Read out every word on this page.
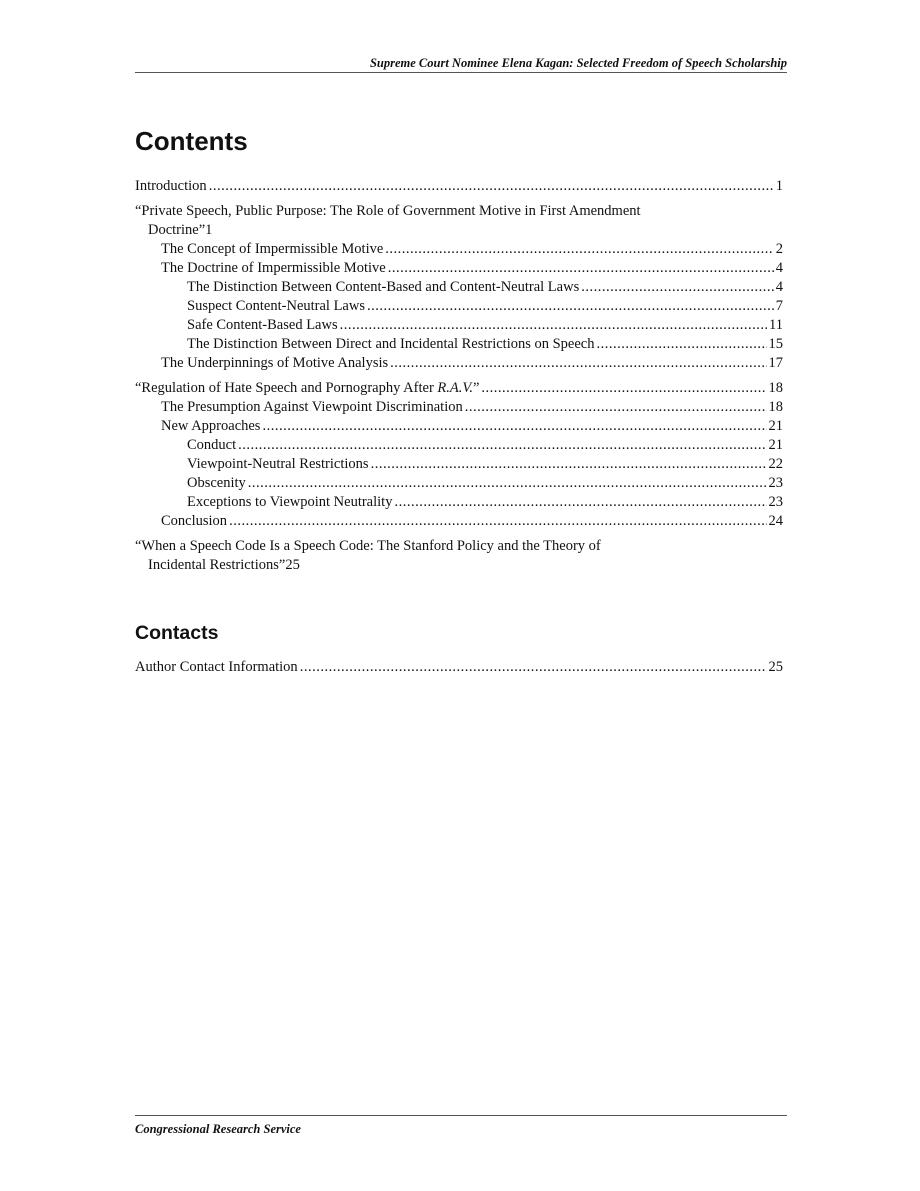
Supreme Court Nominee Elena Kagan: Selected Freedom of Speech Scholarship
Contents
Introduction .....	1
“Private Speech, Public Purpose: The Role of Government Motive in First Amendment
Doctrine” 1
The Concept of Impermissible Motive .....	2
The Doctrine of Impermissible Motive .....	4
The Distinction Between Content-Based and Content-Neutral Laws .....	4
Suspect Content-Neutral Laws .....	7
Safe Content-Based Laws .....	11
The Distinction Between Direct and Incidental Restrictions on Speech .....	15
The Underpinnings of Motive Analysis .....	17
“Regulation of Hate Speech and Pornography After R.A.V.” .....	18
The Presumption Against Viewpoint Discrimination .....	18
New Approaches .....	21
Conduct .....	21
Viewpoint-Neutral Restrictions .....	22
Obscenity .....	23
Exceptions to Viewpoint Neutrality .....	23
Conclusion .....	24
“When a Speech Code Is a Speech Code: The Stanford Policy and the Theory of
Incidental Restrictions” 25
Contacts
Author Contact Information .....	25
Congressional Research Service
